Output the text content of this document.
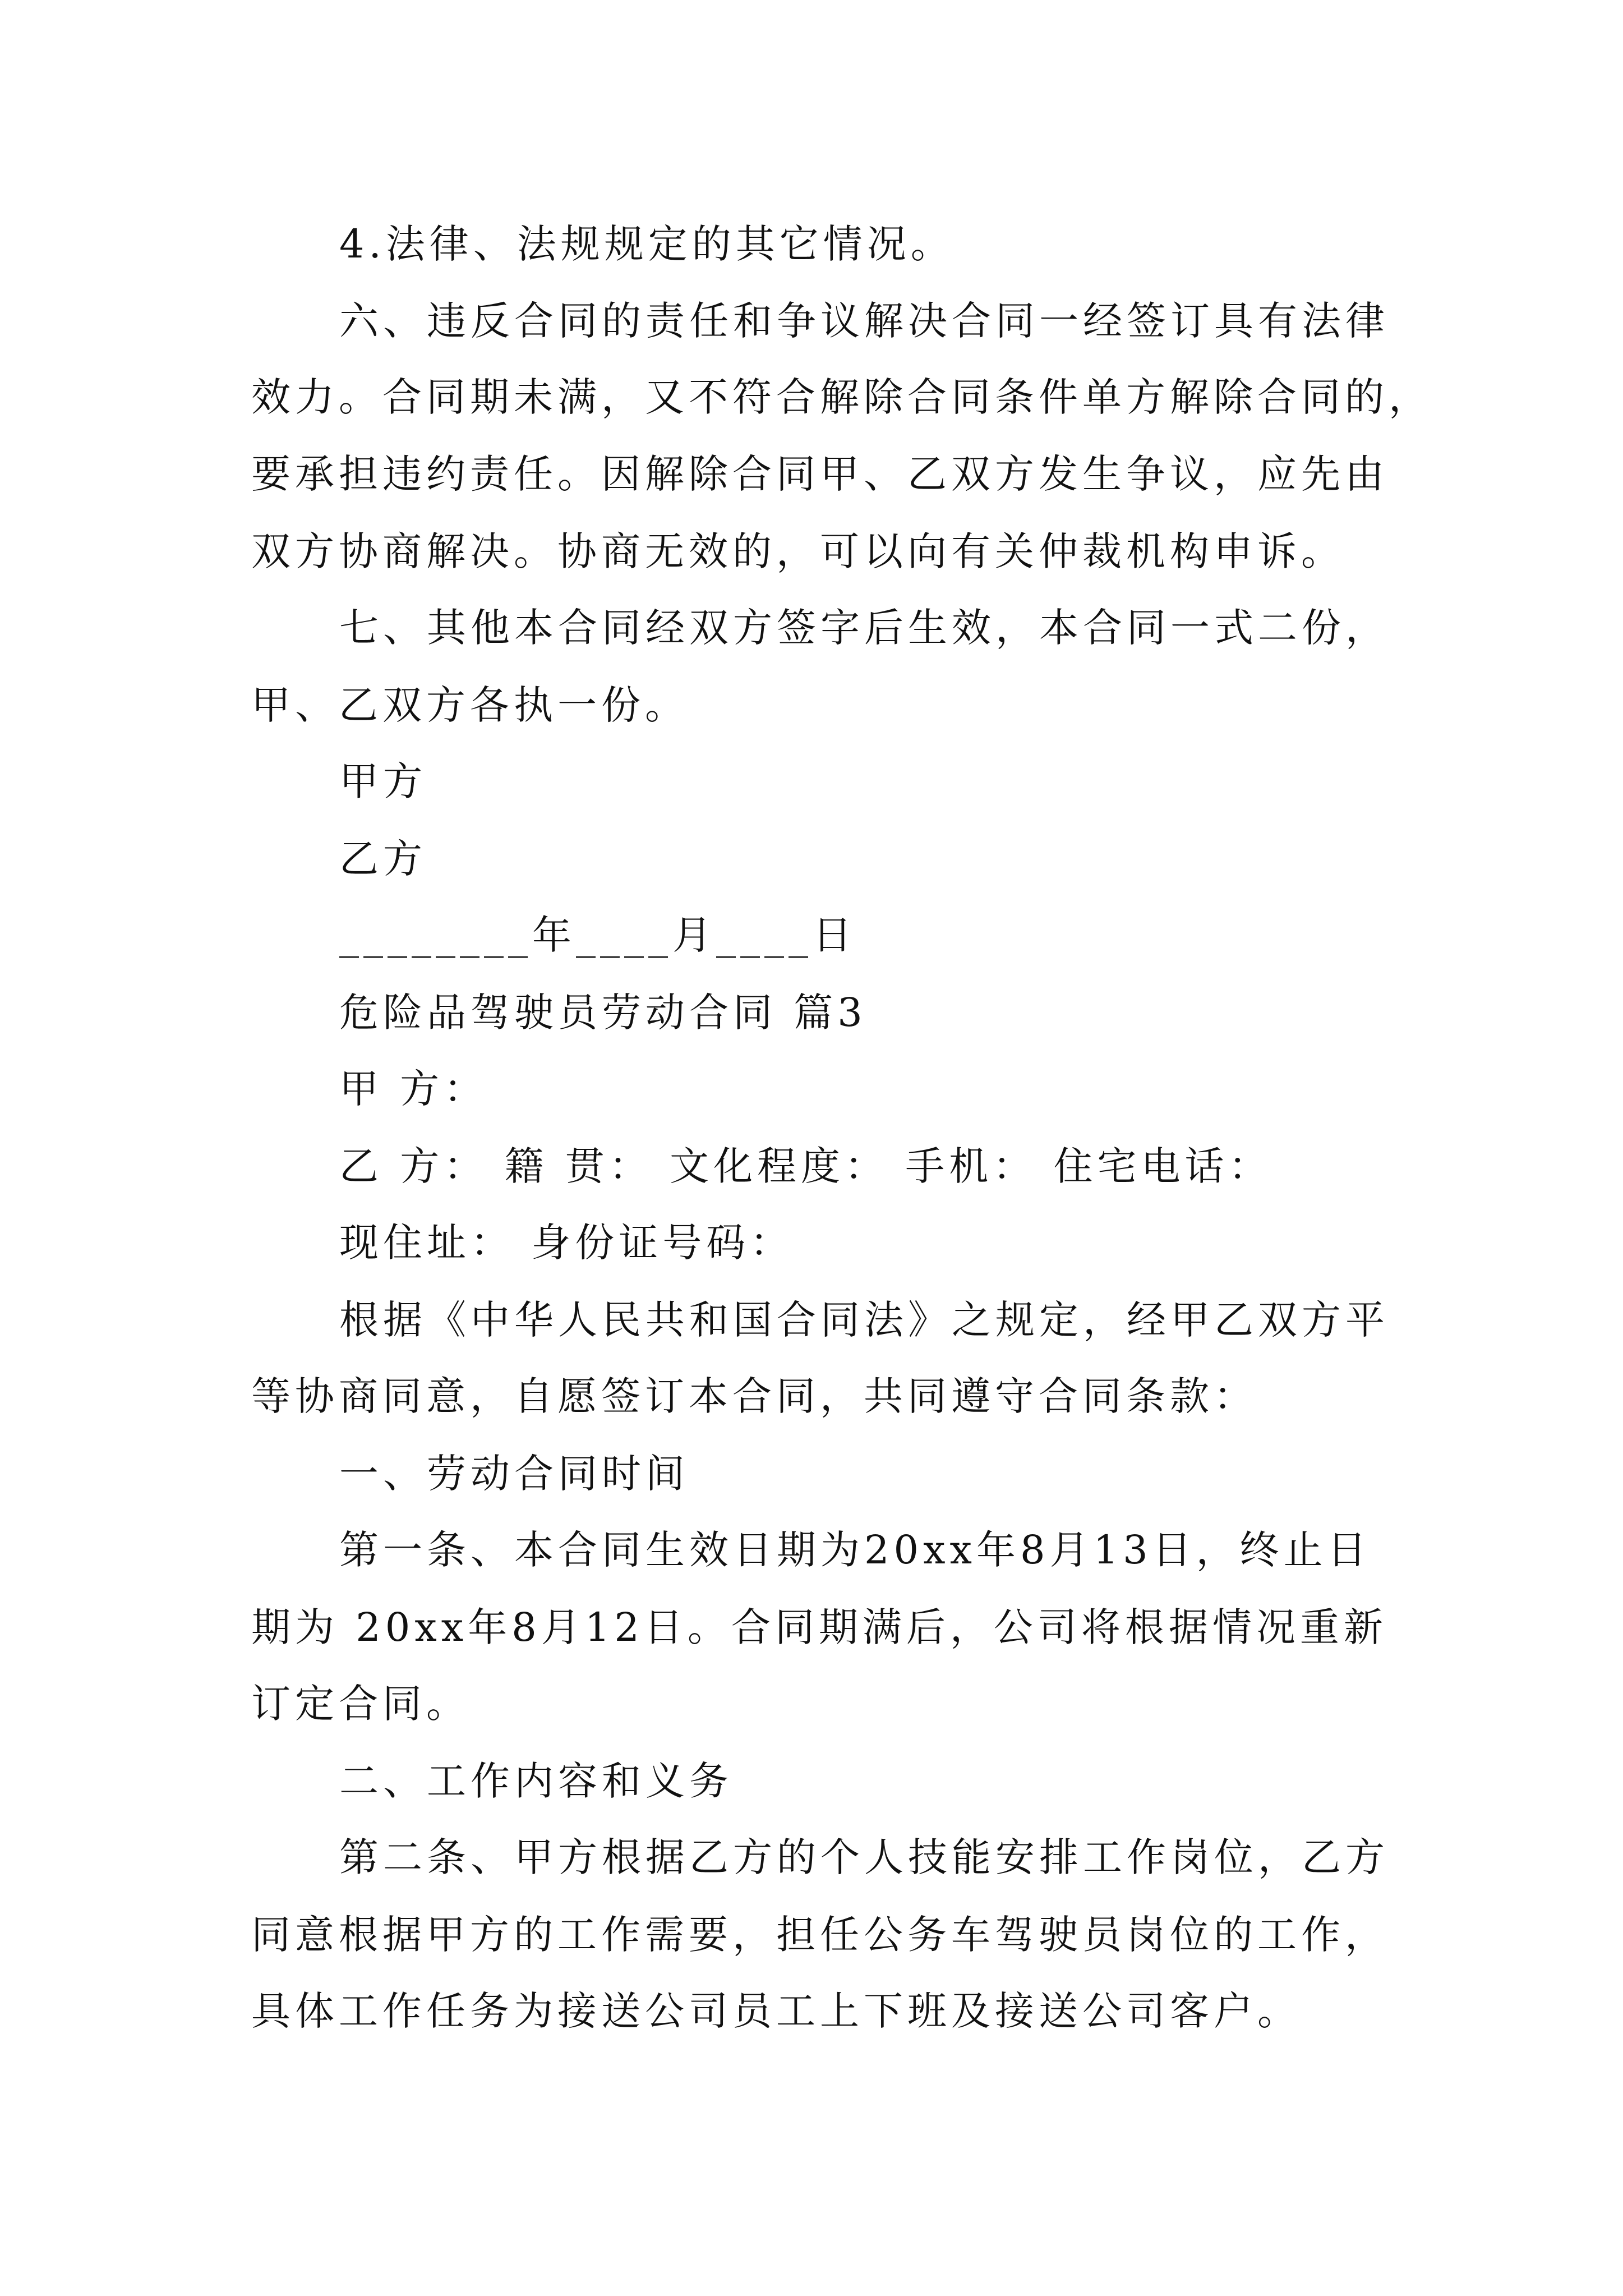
4.法律、法规规定的其它情况。
六、违反合同的责任和争议解决合同一经签订具有法律
效力。合同期未满，又不符合解除合同条件单方解除合同的，
要承担违约责任。因解除合同甲、乙双方发生争议，应先由
双方协商解决。协商无效的，可以向有关仲裁机构申诉。
七、其他本合同经双方签字后生效，本合同一式二份，
甲、乙双方各执一份。
甲方
乙方
________年____月____日
危险品驾驶员劳动合同 篇3
甲 方：
乙 方： 籍 贯： 文化程度： 手机： 住宅电话：
现住址： 身份证号码：
根据《中华人民共和国合同法》之规定，经甲乙双方平
等协商同意，自愿签订本合同，共同遵守合同条款：
一、劳动合同时间
第一条、本合同生效日期为20xx年8月13日，终止日
期为 20xx年8月12日。合同期满后，公司将根据情况重新
订定合同。
二、工作内容和义务
第二条、甲方根据乙方的个人技能安排工作岗位，乙方
同意根据甲方的工作需要，担任公务车驾驶员岗位的工作，
具体工作任务为接送公司员工上下班及接送公司客户。
